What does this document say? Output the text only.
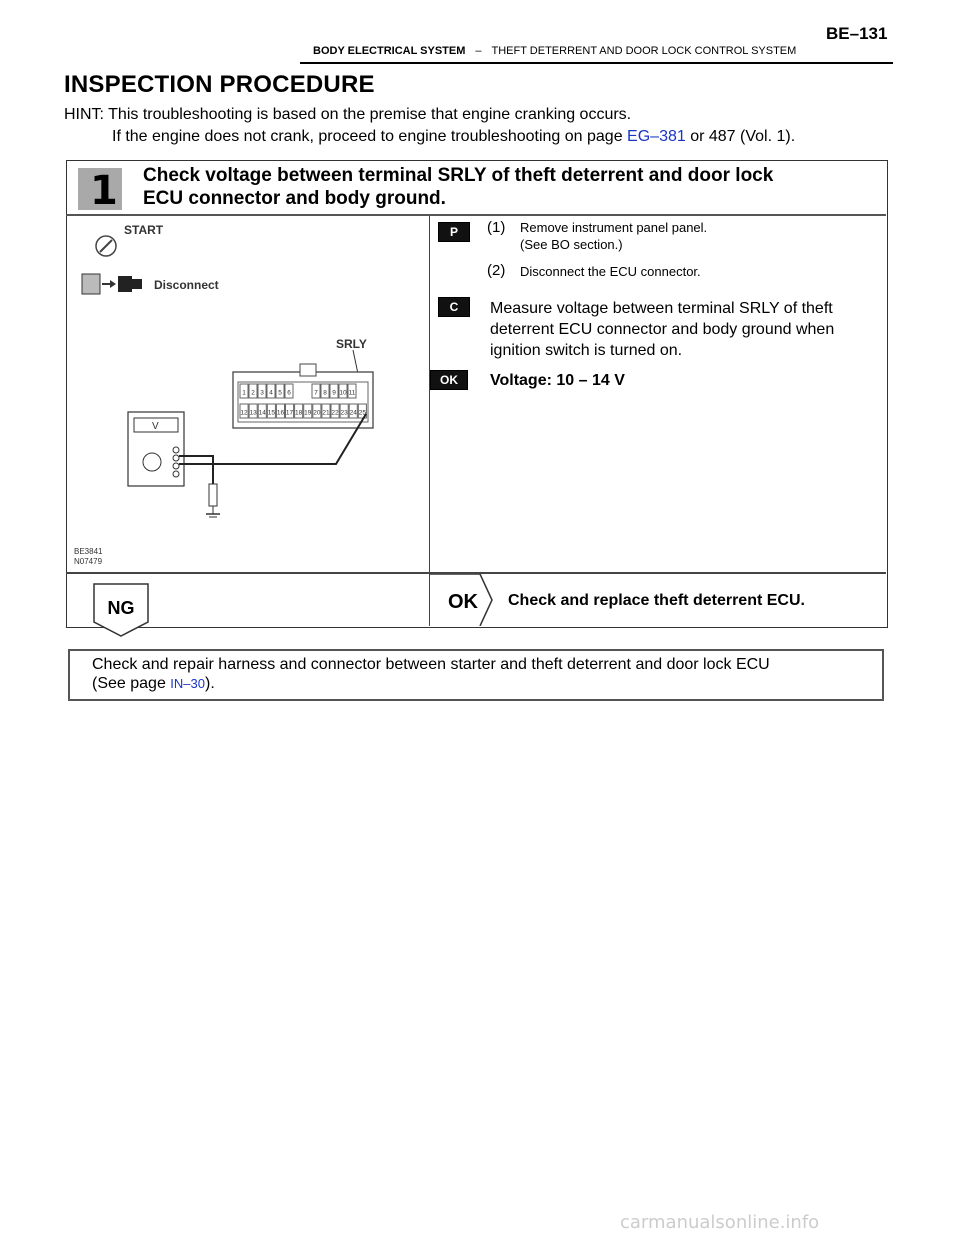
BE–131
BODY ELECTRICAL SYSTEM – THEFT DETERRENT AND DOOR LOCK CONTROL SYSTEM
INSPECTION PROCEDURE
HINT: This troubleshooting is based on the premise that engine cranking occurs.
If the engine does not crank, proceed to engine troubleshooting on page EG–381 or 487 (Vol. 1).
1 Check voltage between terminal SRLY of theft deterrent and door lock
ECU connector and body ground.
START
Disconnect
SRLY
1 2 3 4 5 6	7 8 9 10 11
12 13 14 15 16 17 18 19 20 21 22 23 24 25
V
BE3841
N07479
P	(1) Remove instrument panel panel.
(See BO section.)
(2) Disconnect the ECU connector.
C	Measure voltage between terminal SRLY of theft
deterrent ECU connector and body ground when
ignition switch is turned on.
OK	Voltage: 10 – 14 V
NG	OK Check and replace theft deterrent ECU.
Check and repair harness and connector between starter and theft deterrent and door lock ECU
(See page IN–30).
carmanualsonline.info
